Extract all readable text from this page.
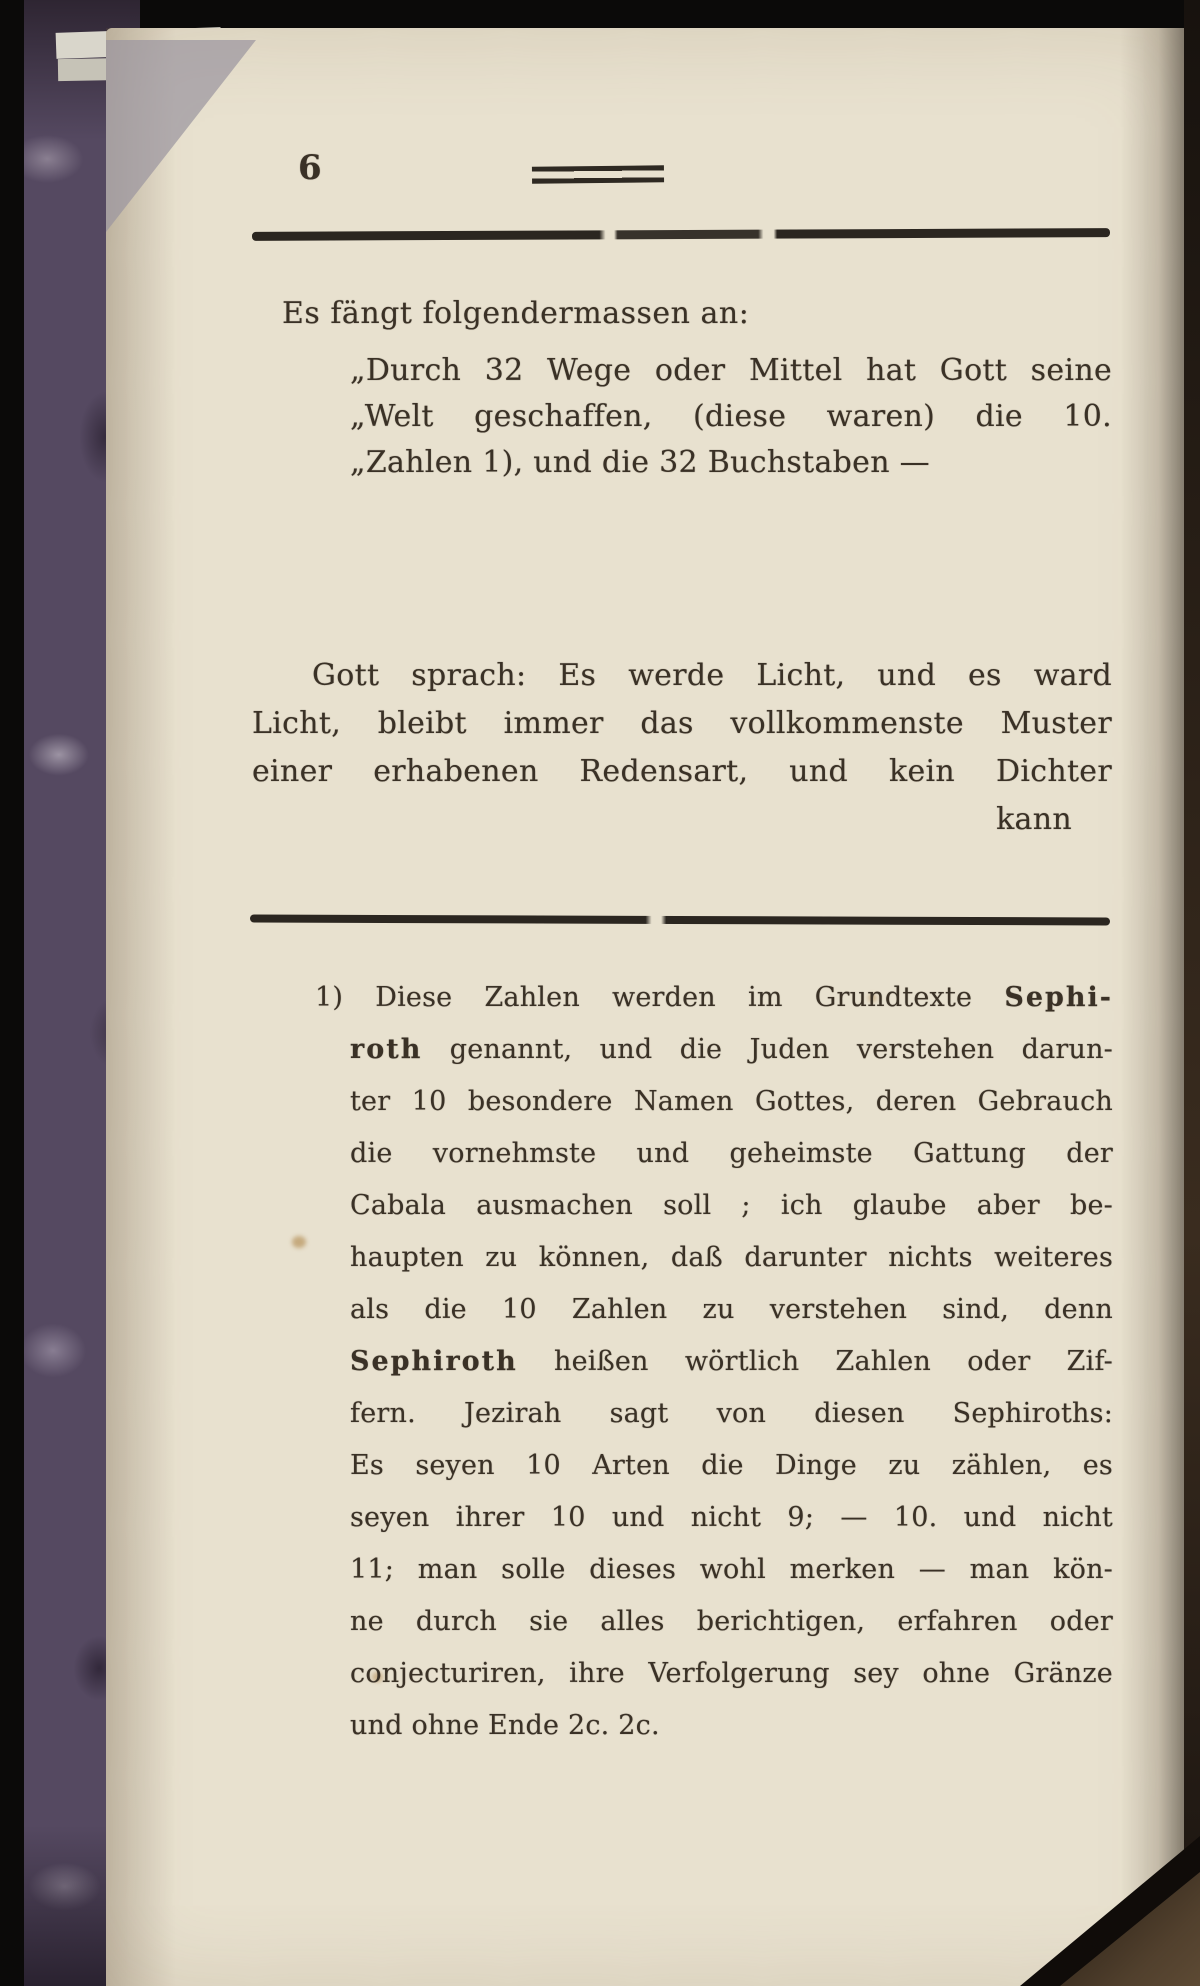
6
Es fängt folgendermassen an:
„Durch 32 Wege oder Mittel hat Gott seine
„Welt geschaffen, (diese waren) die 10.
„Zahlen 1), und die 32 Buchstaben —
Gott sprach: Es werde Licht, und es ward
Licht, bleibt immer das vollkommenste Muster
einer erhabenen Redensart, und kein Dichter
kann
1) Diese Zahlen werden im Grundtexte Sephi-
roth genannt, und die Juden verstehen darun-
ter 10 besondere Namen Gottes, deren Gebrauch
die vornehmste und geheimste Gattung der
Cabala ausmachen soll ; ich glaube aber be-
haupten zu können, daß darunter nichts weiteres
als die 10 Zahlen zu verstehen sind, denn
Sephiroth heißen wörtlich Zahlen oder Zif-
fern. Jezirah sagt von diesen Sephiroths:
Es seyen 10 Arten die Dinge zu zählen, es
seyen ihrer 10 und nicht 9; — 10. und nicht
11; man solle dieses wohl merken — man kön-
ne durch sie alles berichtigen, erfahren oder
conjecturiren, ihre Verfolgerung sey ohne Gränze
und ohne Ende 2c. 2c.
